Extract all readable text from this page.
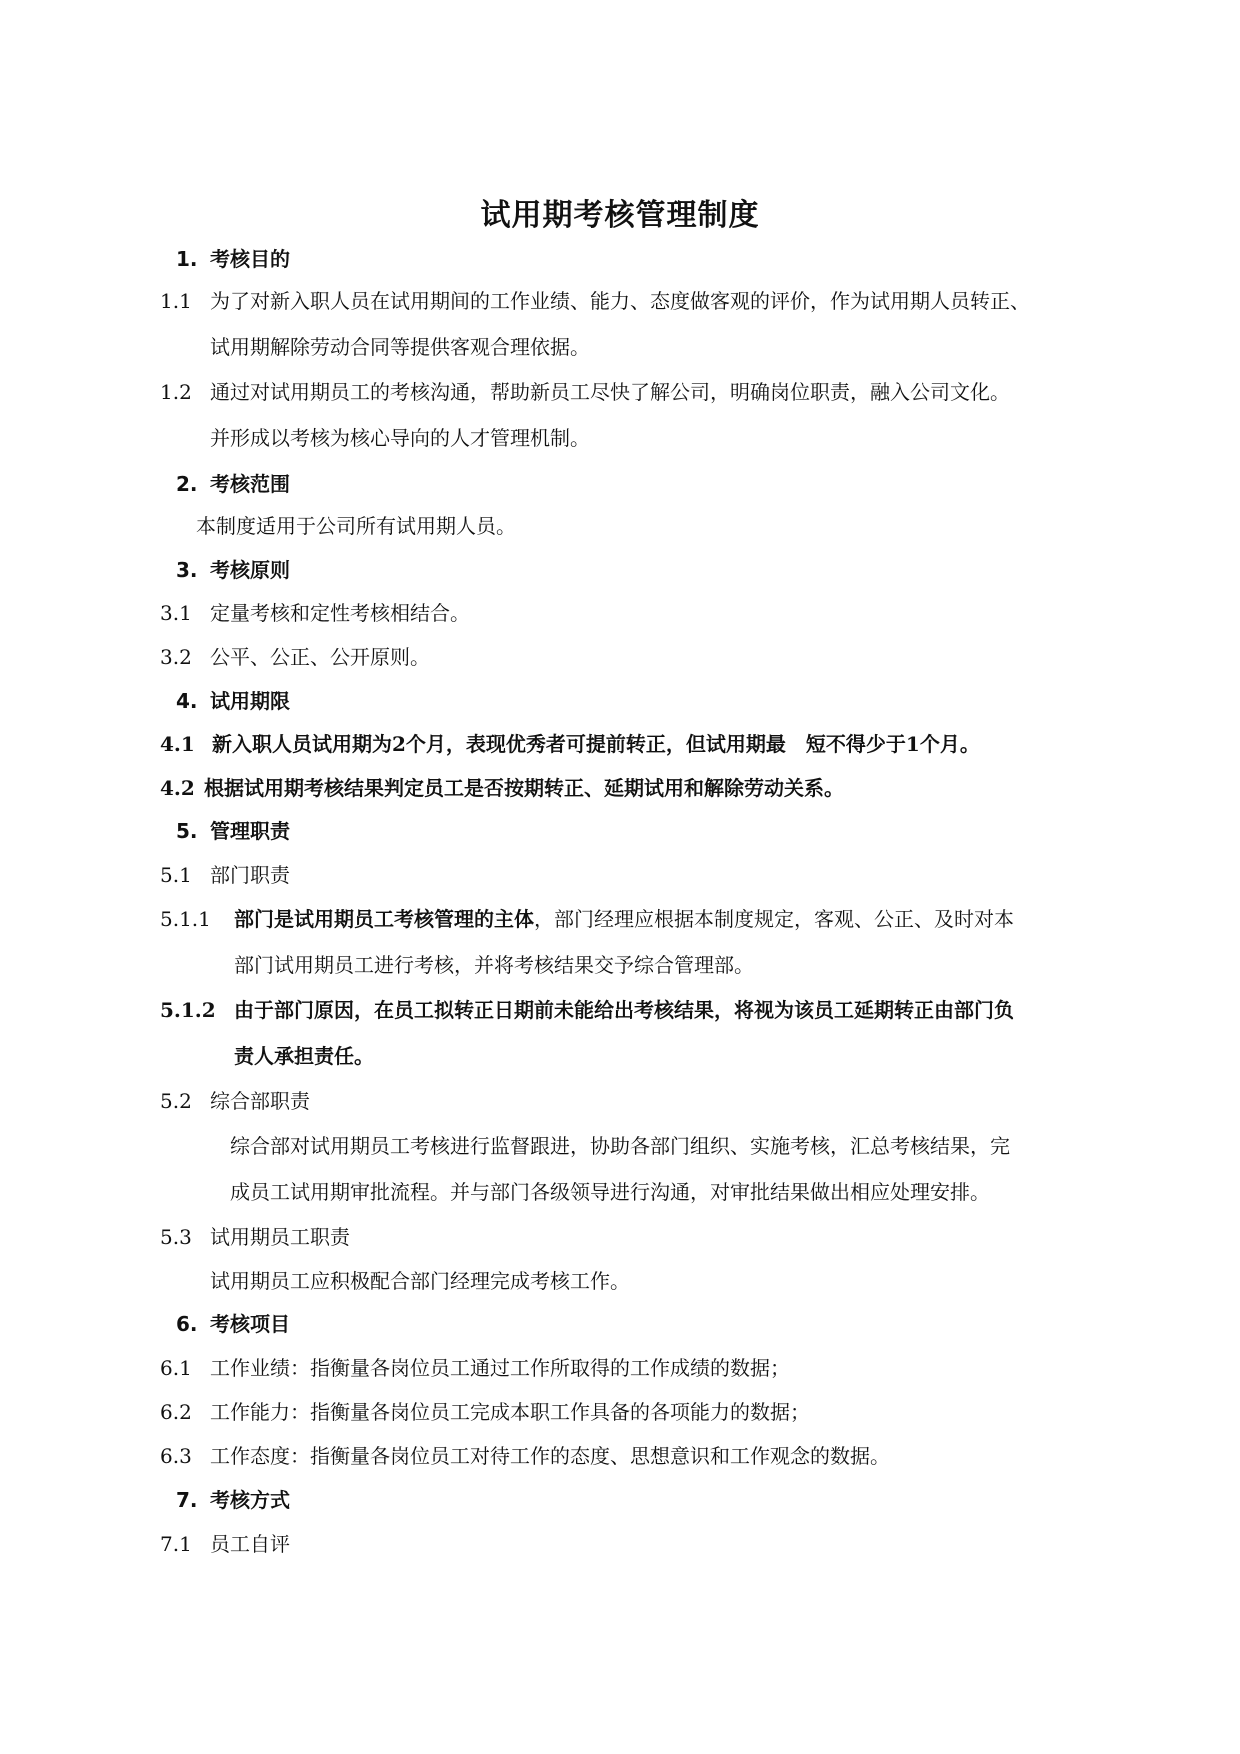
试用期考核管理制度
1. 考核目的
1.1 为了对新入职人员在试用期间的工作业绩、能力、态度做客观的评价，作为试用期人员转正、
试用期解除劳动合同等提供客观合理依据。
1.2 通过对试用期员工的考核沟通，帮助新员工尽快了解公司，明确岗位职责，融入公司文化。
并形成以考核为核心导向的人才管理机制。
2. 考核范围
本制度适用于公司所有试用期人员。
3. 考核原则
3.1 定量考核和定性考核相结合。
3.2 公平、公正、公开原则。
4. 试用期限
4.1 新入职人员试用期为2个月，表现优秀者可提前转正，但试用期最　短不得少于1个月。
4.2 根据试用期考核结果判定员工是否按期转正、延期试用和解除劳动关系。
5. 管理职责
5.1 部门职责
5.1.1 部门是试用期员工考核管理的主体，部门经理应根据本制度规定，客观、公正、及时对本
部门试用期员工进行考核，并将考核结果交予综合管理部。
5.1.2 由于部门原因，在员工拟转正日期前未能给出考核结果，将视为该员工延期转正由部门负
责人承担责任。
5.2 综合部职责
综合部对试用期员工考核进行监督跟进，协助各部门组织、实施考核，汇总考核结果，完
成员工试用期审批流程。并与部门各级领导进行沟通，对审批结果做出相应处理安排。
5.3 试用期员工职责
试用期员工应积极配合部门经理完成考核工作。
6. 考核项目
6.1 工作业绩：指衡量各岗位员工通过工作所取得的工作成绩的数据；
6.2 工作能力：指衡量各岗位员工完成本职工作具备的各项能力的数据；
6.3 工作态度：指衡量各岗位员工对待工作的态度、思想意识和工作观念的数据。
7. 考核方式
7.1 员工自评
